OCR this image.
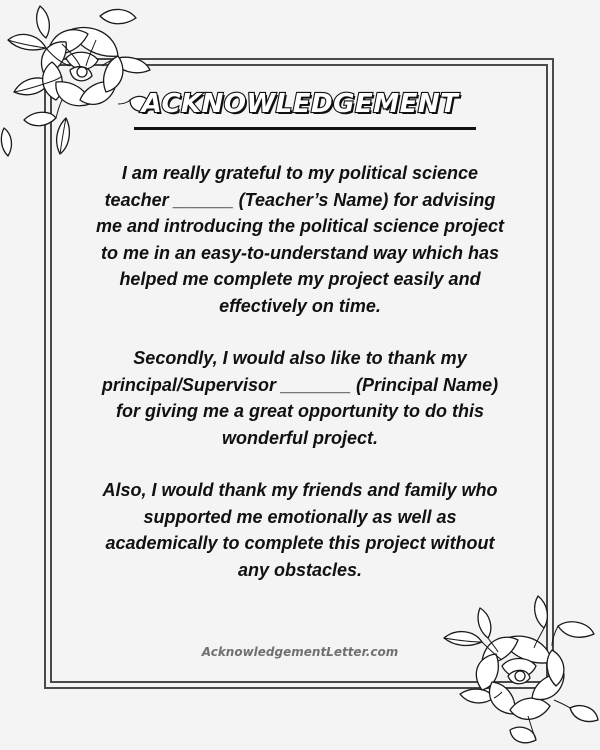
ACKNOWLEDGEMENT

I am really grateful to my political science teacher ______ (Teacher’s Name) for advising me and introducing the political science project to me in an easy-to-understand way which has helped me complete my project easily and effectively on time.

Secondly, I would also like to thank my principal/Supervisor _______ (Principal Name) for giving me a great opportunity to do this wonderful project.

Also, I would thank my friends and family who supported me emotionally as well as academically to complete this project without any obstacles.

AcknowledgementLetter.com
